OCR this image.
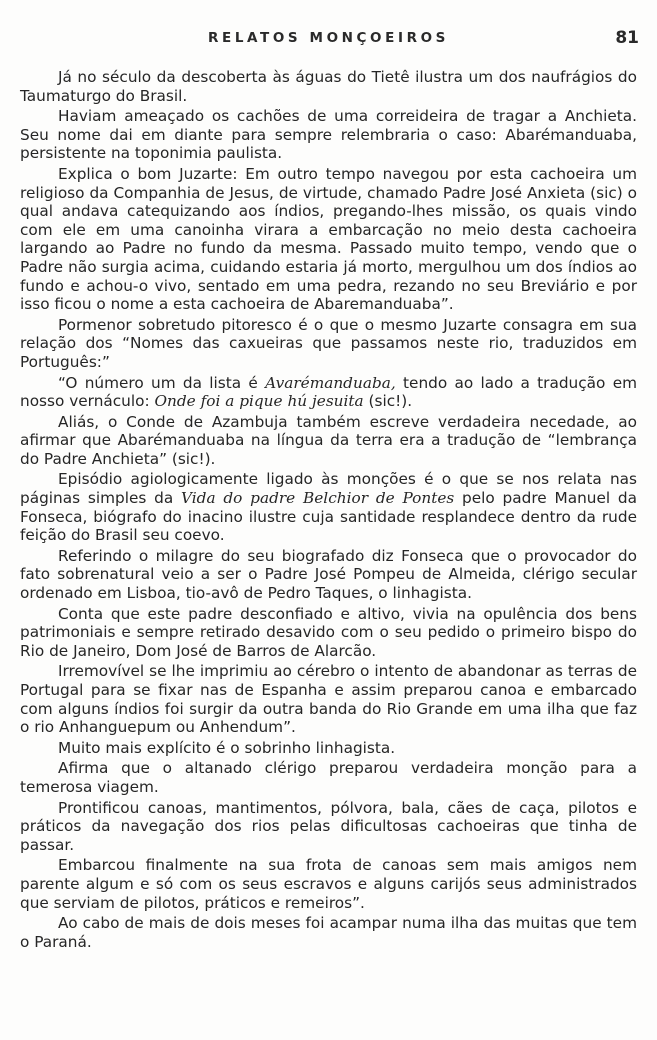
RELATOS MONÇOEIROS	81

Já no século da descoberta às águas do Tietê ilustra um dos naufrágios do Taumaturgo do Brasil.

Haviam ameaçado os cachões de uma correideira de tragar a Anchieta. Seu nome dai em diante para sempre relembraria o caso: Abarémanduaba, persistente na toponimia paulista.

Explica o bom Juzarte: Em outro tempo navegou por esta cachoeira um religioso da Companhia de Jesus, de virtude, chamado Padre José Anxieta (sic) o qual andava catequizando aos índios, pregando-lhes missão, os quais vindo com ele em uma canoinha virara a embarcação no meio desta cachoeira largando ao Padre no fundo da mesma. Passado muito tempo, vendo que o Padre não surgia acima, cuidando estaria já morto, mergulhou um dos índios ao fundo e achou-o vivo, sentado em uma pedra, rezando no seu Breviário e por isso ficou o nome a esta cachoeira de Abaremanduaba”.

Pormenor sobretudo pitoresco é o que o mesmo Juzarte consagra em sua relação dos “Nomes das caxueiras que passamos neste rio, traduzidos em Português:”

“O número um da lista é Avarémanduaba, tendo ao lado a tradução em nosso vernáculo: Onde foi a pique hú jesuita (sic!).

Aliás, o Conde de Azambuja também escreve verdadeira necedade, ao afirmar que Abarémanduaba na língua da terra era a tradução de “lembrança do Padre Anchieta” (sic!).

Episódio agiologicamente ligado às monções é o que se nos relata nas páginas simples da Vida do padre Belchior de Pontes pelo padre Manuel da Fonseca, biógrafo do inacino ilustre cuja santidade resplandece dentro da rude feição do Brasil seu coevo.

Referindo o milagre do seu biografado diz Fonseca que o provocador do fato sobrenatural veio a ser o Padre José Pompeu de Almeida, clérigo secular ordenado em Lisboa, tio-avô de Pedro Taques, o linhagista.

Conta que este padre desconfiado e altivo, vivia na opulência dos bens patrimoniais e sempre retirado desavido com o seu pedido o primeiro bispo do Rio de Janeiro, Dom José de Barros de Alarcão.

Irremovível se lhe imprimiu ao cérebro o intento de abandonar as terras de Portugal para se fixar nas de Espanha e assim preparou canoa e embarcado com alguns índios foi surgir da outra banda do Rio Grande em uma ilha que faz o rio Anhanguepum ou Anhendum”.

Muito mais explícito é o sobrinho linhagista.

Afirma que o altanado clérigo preparou verdadeira monção para a temerosa viagem.

Prontificou canoas, mantimentos, pólvora, bala, cães de caça, pilotos e práticos da navegação dos rios pelas dificultosas cachoeiras que tinha de passar.

Embarcou finalmente na sua frota de canoas sem mais amigos nem parente algum e só com os seus escravos e alguns carijós seus administrados que serviam de pilotos, práticos e remeiros”.

Ao cabo de mais de dois meses foi acampar numa ilha das muitas que tem o Paraná.
